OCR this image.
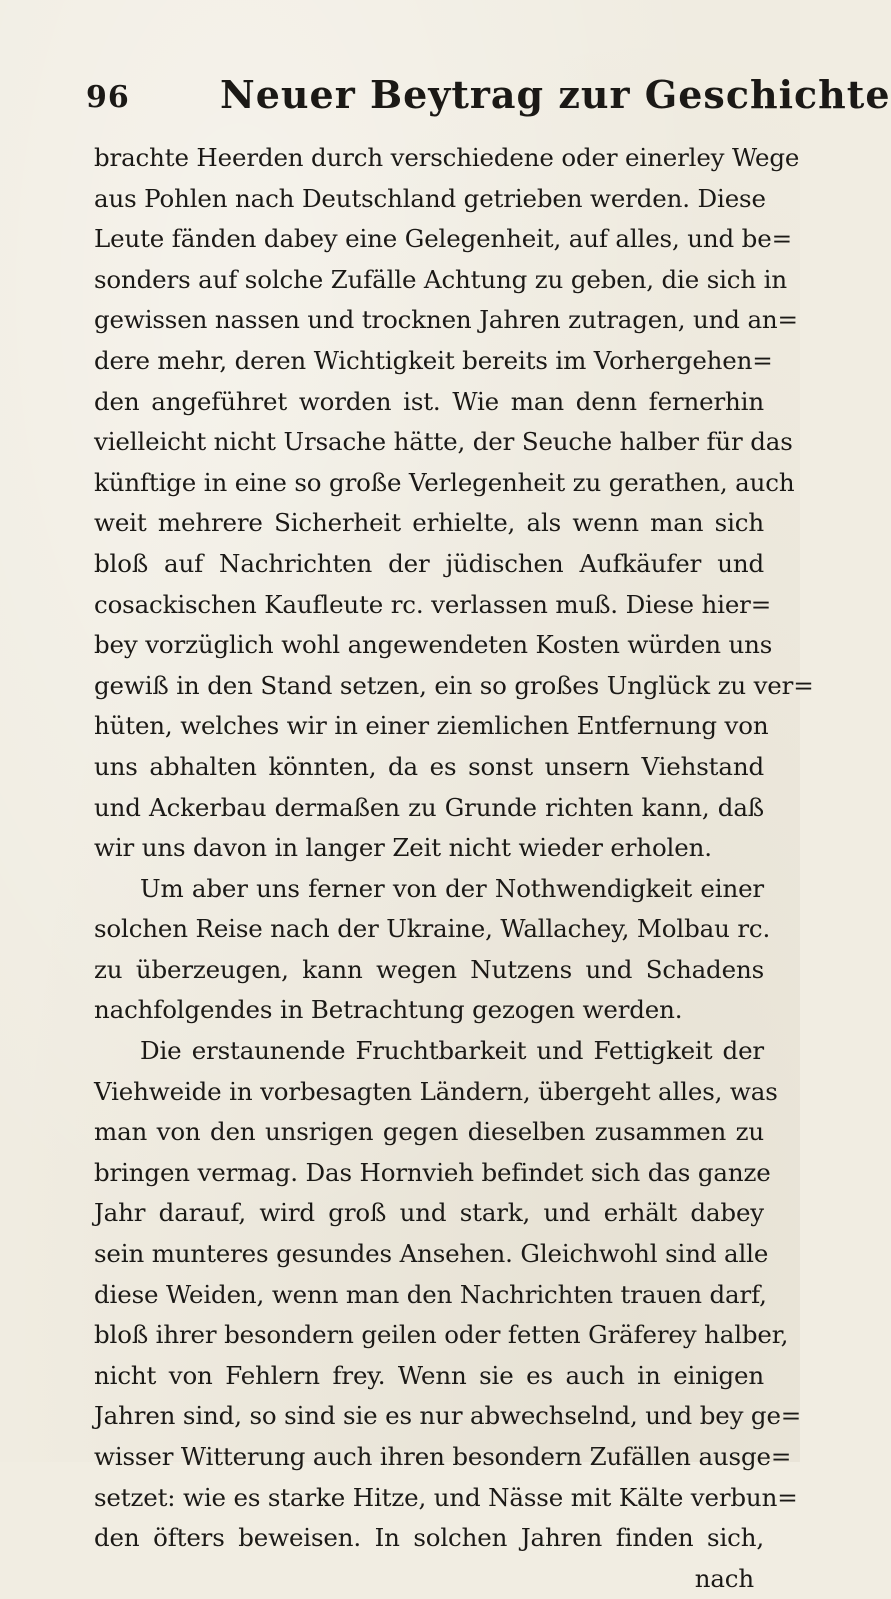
96 Neuer Beytrag zur Geschichte
brachte Heerden durch verschiedene oder einerley Wege
aus Pohlen nach Deutschland getrieben werden. Diese
Leute fänden dabey eine Gelegenheit, auf alles, und be=
sonders auf solche Zufälle Achtung zu geben, die sich in
gewissen nassen und trocknen Jahren zutragen, und an=
dere mehr, deren Wichtigkeit bereits im Vorhergehen=
den angeführet worden ist. Wie man denn fernerhin
vielleicht nicht Ursache hätte, der Seuche halber für das
künftige in eine so große Verlegenheit zu gerathen, auch
weit mehrere Sicherheit erhielte, als wenn man sich
bloß auf Nachrichten der jüdischen Aufkäufer und
cosackischen Kaufleute rc. verlassen muß. Diese hier=
bey vorzüglich wohl angewendeten Kosten würden uns
gewiß in den Stand setzen, ein so großes Unglück zu ver=
hüten, welches wir in einer ziemlichen Entfernung von
uns abhalten könnten, da es sonst unsern Viehstand
und Ackerbau dermaßen zu Grunde richten kann, daß
wir uns davon in langer Zeit nicht wieder erholen.
Um aber uns ferner von der Nothwendigkeit einer
solchen Reise nach der Ukraine, Wallachey, Molbau rc.
zu überzeugen, kann wegen Nutzens und Schadens
nachfolgendes in Betrachtung gezogen werden.
Die erstaunende Fruchtbarkeit und Fettigkeit der
Viehweide in vorbesagten Ländern, übergeht alles, was
man von den unsrigen gegen dieselben zusammen zu
bringen vermag. Das Hornvieh befindet sich das ganze
Jahr darauf, wird groß und stark, und erhält dabey
sein munteres gesundes Ansehen. Gleichwohl sind alle
diese Weiden, wenn man den Nachrichten trauen darf,
bloß ihrer besondern geilen oder fetten Gräferey halber,
nicht von Fehlern frey. Wenn sie es auch in einigen
Jahren sind, so sind sie es nur abwechselnd, und bey ge=
wisser Witterung auch ihren besondern Zufällen ausge=
setzet: wie es starke Hitze, und Nässe mit Kälte verbun=
den öfters beweisen. In solchen Jahren finden sich,
nach
